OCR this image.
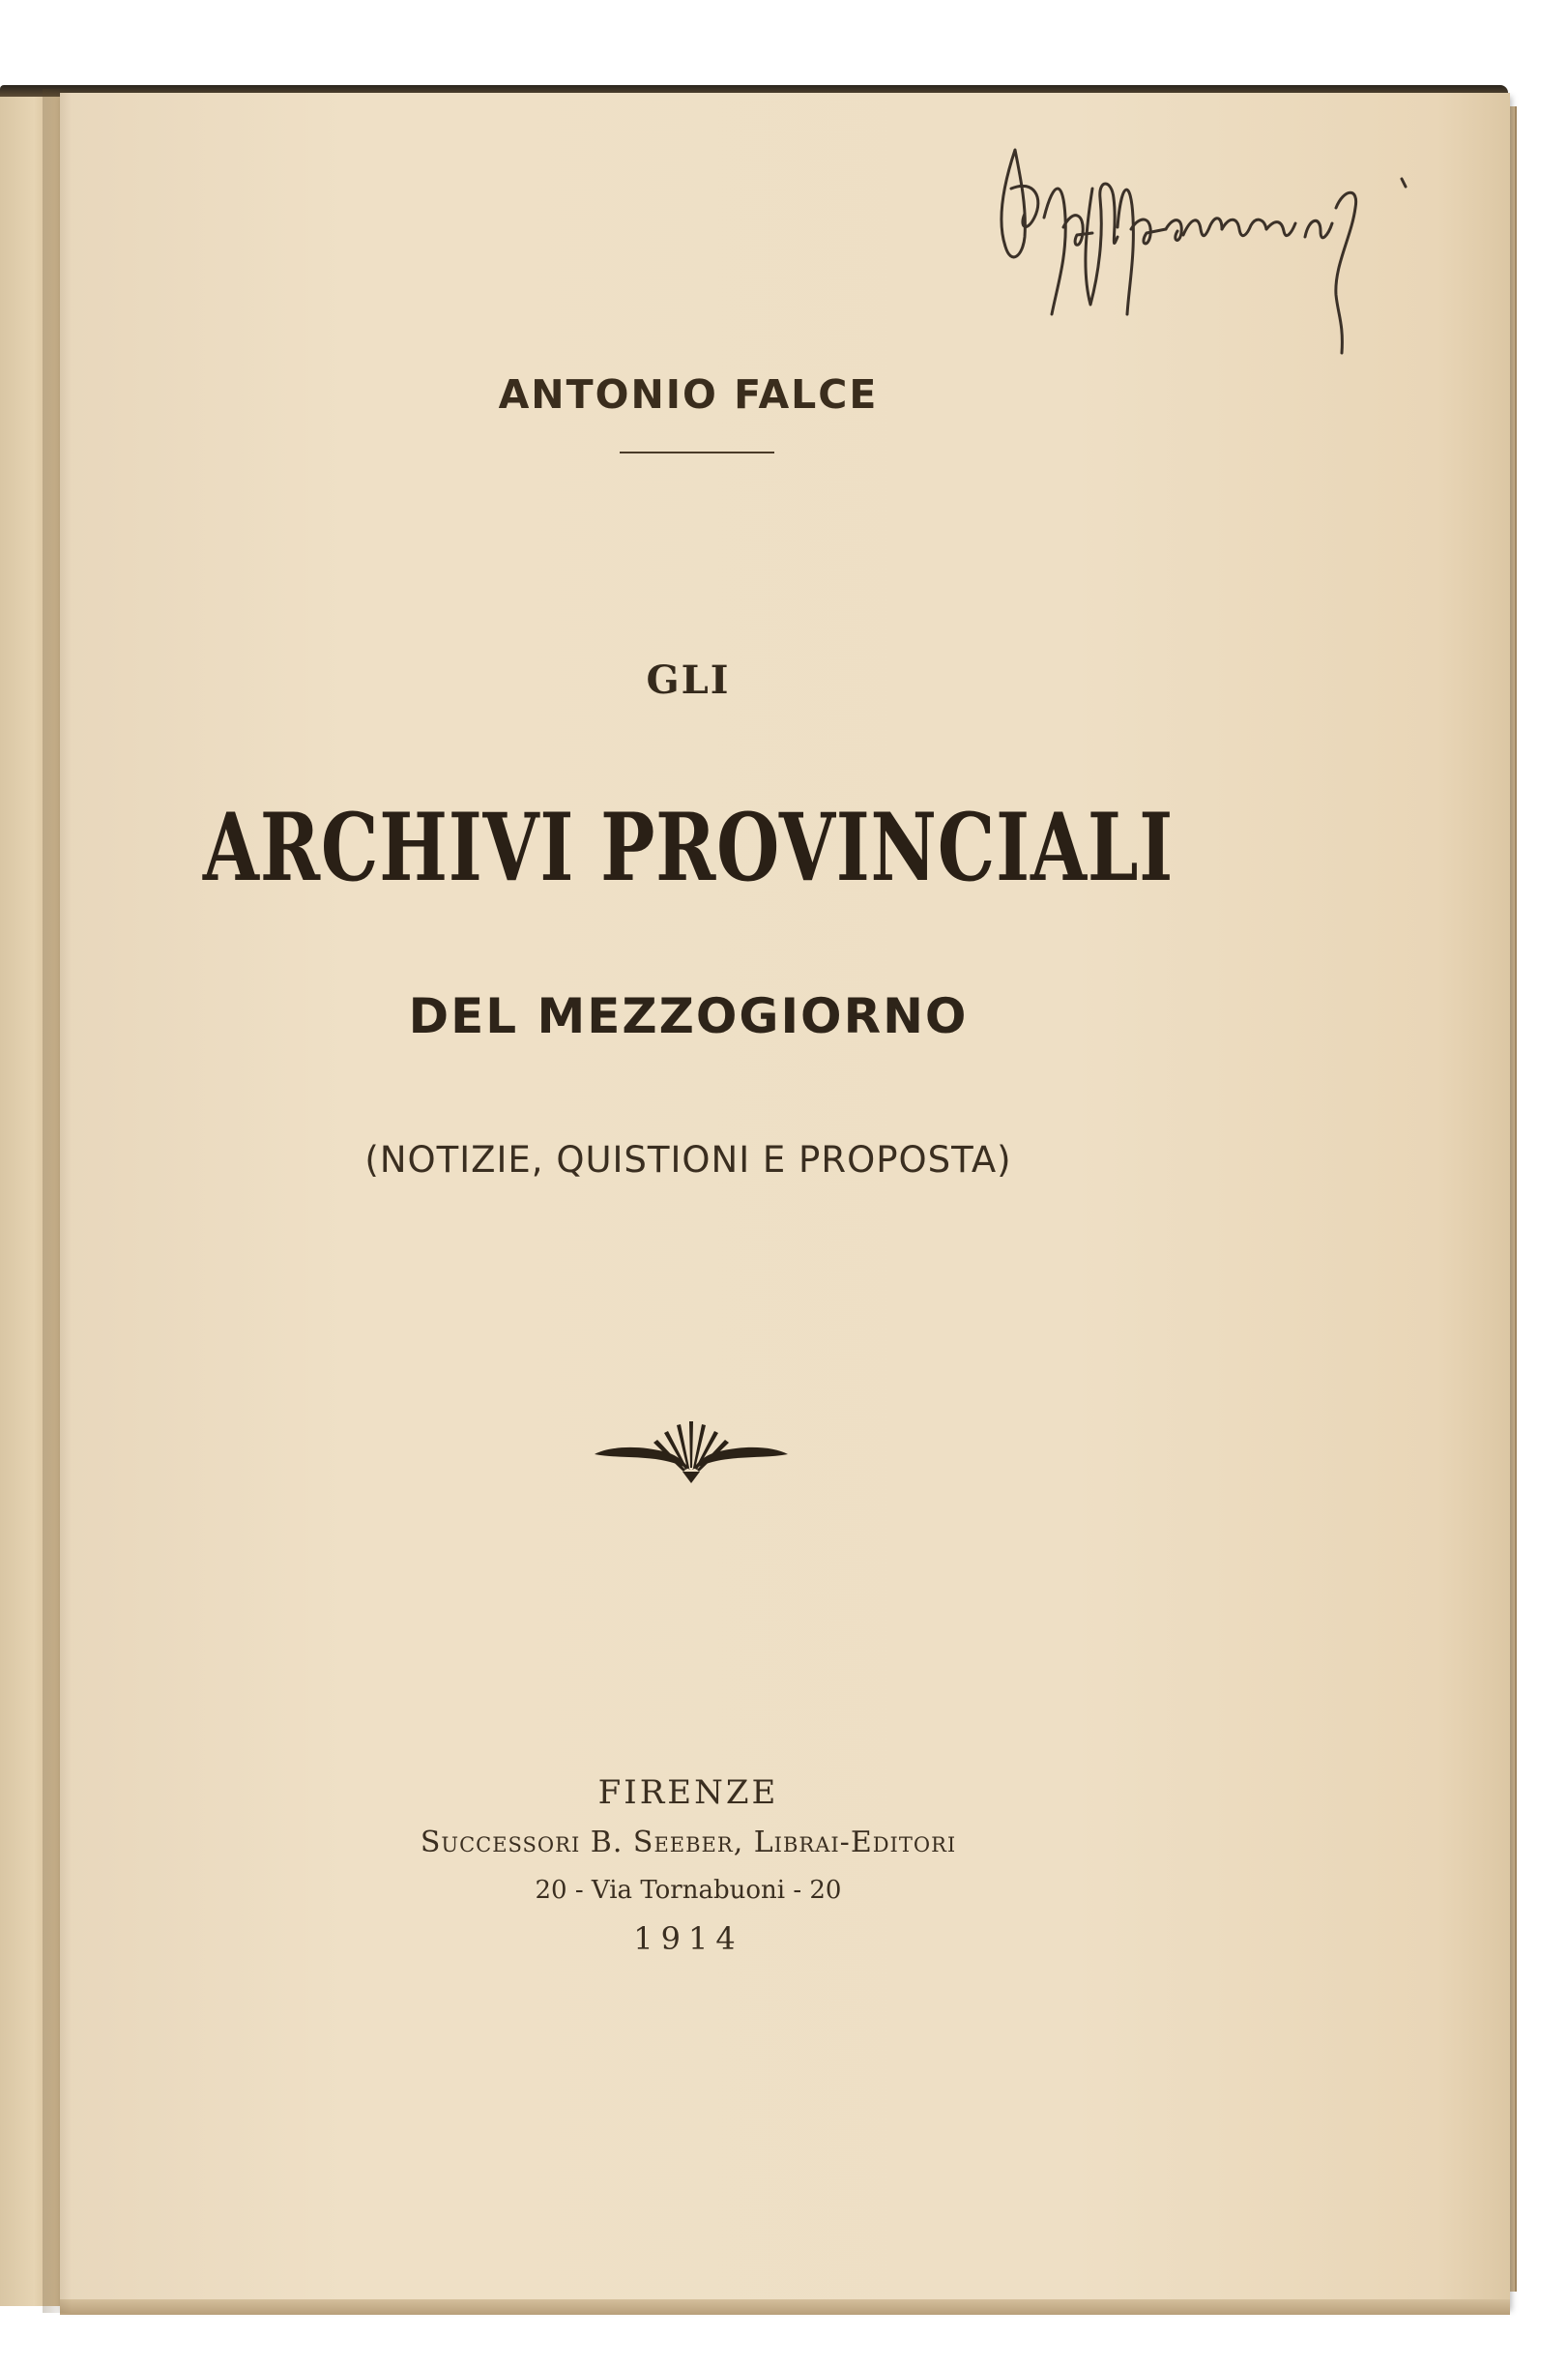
ANTONIO FALCE
GLI
ARCHIVI PROVINCIALI
DEL MEZZOGIORNO
(NOTIZIE, QUISTIONI E PROPOSTA)
FIRENZE
Successori B. Seeber, Librai-Editori
20 - Via Tornabuoni - 20
1914
